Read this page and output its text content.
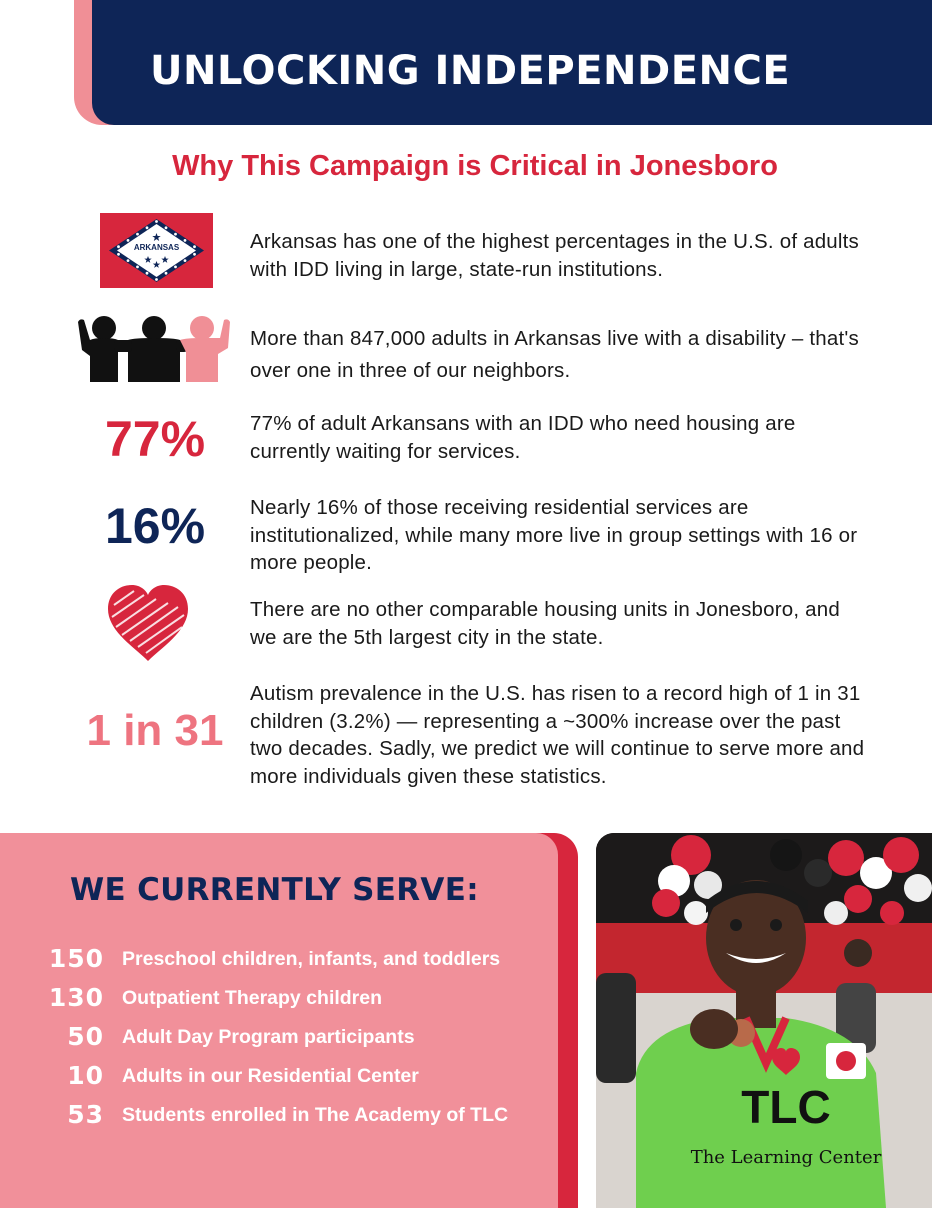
UNLOCKING INDEPENDENCE
Why This Campaign is Critical in Jonesboro
ARKANSAS	Arkansas has one of the highest percentages in the U.S. of adults with IDD living in large, state-run institutions.
More than 847,000 adults in Arkansas live with a disability – that's over one in three of our neighbors.
77%	77% of adult Arkansans with an IDD who need housing are currently waiting for services.
16%	Nearly 16% of those receiving residential services are institutionalized, while many more live in group settings with 16 or more people.
There are no other comparable housing units in Jonesboro, and we are the 5th largest city in the state.
1 in 31
Autism prevalence in the U.S. has risen to a record high of 1 in 31 children (3.2%) — representing a ~300% increase over the past two decades. Sadly, we predict we will continue to serve more and more individuals given these statistics.
WE CURRENTLY SERVE:
150 Preschool children, infants, and toddlers
130 Outpatient Therapy children
50 Adult Day Program participants
10 Adults in our Residential Center
53 Students enrolled in The Academy of TLC	TLC
The Learning Center
